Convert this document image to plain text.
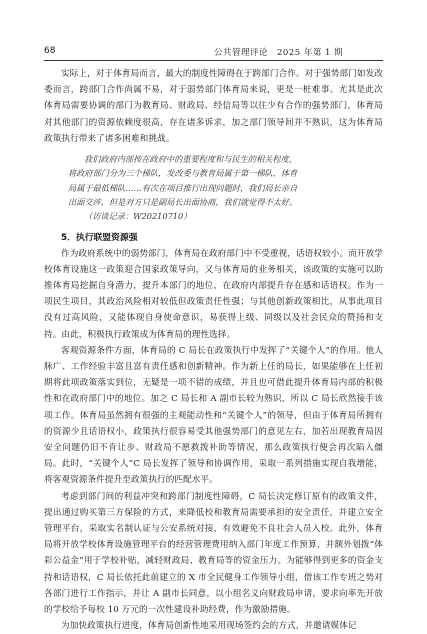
68	公共管理评论　2025 年第 1 期

实际上，对于体育局而言，最大的制度性障碍在于跨部门合作。对于强势部门如发改委而言，跨部门合作尚属不易，对于弱势部门体育局来说，更是一桩难事。尤其是此次体育局需要协调的部门为教育局、财政局、经信局等以往少有合作的强势部门，体育局对其他部门的资源依赖度很高，存在诸多诉求，加之部门领导间并不熟识，这为体育局政策执行带来了诸多困难和挑战。

我们政府内部按在政府中的重要程度和与民生的相关程度，
将政府部门分为三个梯队，发改委与教育局属于第一梯队，体育
局属于最低梯队……有次在项目推行出现问题时，我们局长亲自
出面交涉，但是对方只是副局长出面协商，我们就觉得不太好。
（访谈记录：W20210710）
5．执行联盟资源强

作为政府系统中的弱势部门，体育局在政府部门中不受重视，话语权较小。而开放学校体育设施这一政策迎合国家政策导向，又与体育局的业务相关，该政策的实施可以助推体育局挖掘自身潜力，提升本部门的地位，在政府内部提升存在感和话语权。作为一项民生项目，其政治风险相对较低但政策责任性强；与其他创新政策相比，从事此项目没有过高风险，又能体现自身使命意识，易获得上级、同级以及社会民众的赞扬和支持。由此，积极执行政策成为体育局的理性选择。

客观资源条件方面，体育局的 C 局长在政策执行中发挥了“关键个人”的作用。他人脉广、工作经验丰富且富有责任感和创新精神。作为新上任的局长，如果能够在上任初期将此项政策落实到位，无疑是一项不错的成绩，并且也可借此提升体育局内部的积极性和在政府部门中的地位。加之 C 局长和 A 副市长较为熟识，所以 C 局长欣然接手该项工作。体育局虽然拥有很强的主观能动性和“关键个人”的领导，但由于体育局所拥有的资源少且话语权小，政策执行很容易受其他强势部门的意见左右，加若出现教育局因安全问题仍旧不肯让步、财政局不愿救拨补助等情况，那么政策执行便会再次陷入僵局。此时，“关键个人”C 局长发挥了领导和协调作用，采取一系列措施实现自我增能，将客观资源条件提升至政策执行的匹配水平。

考虑到部门间的利益冲突和跨部门制度性障碍，C 局长决定修订原有的政策文件，提出通过购买第三方保险的方式，来降低校和教育局需要承担的安全责任，并建立安全管理平台，采取实名制认证与公安系统对接，有效避免不良社会人员入校。此外，体育局将开放学校体育设施管理平台的经营管理费用纳入部门年度工作预算，并额外划拨“体彩公益金”用于学校补贴，减轻财政局、教育局等的资金压力。为能够得到更多的资金支持和话语权，C 局长依托此前建立的 X 市全民健身工作领导小组，借该工作专班之势对各部门进行工作指示，并让 A 副市长同意，以小组名义向财政局申请，要求向率先开放的学校给予每校 10 万元的一次性建设补助经费，作为激励措施。

为加快政策执行进度，体育局创新性地采用现场签约会的方式，并邀请媒体记
